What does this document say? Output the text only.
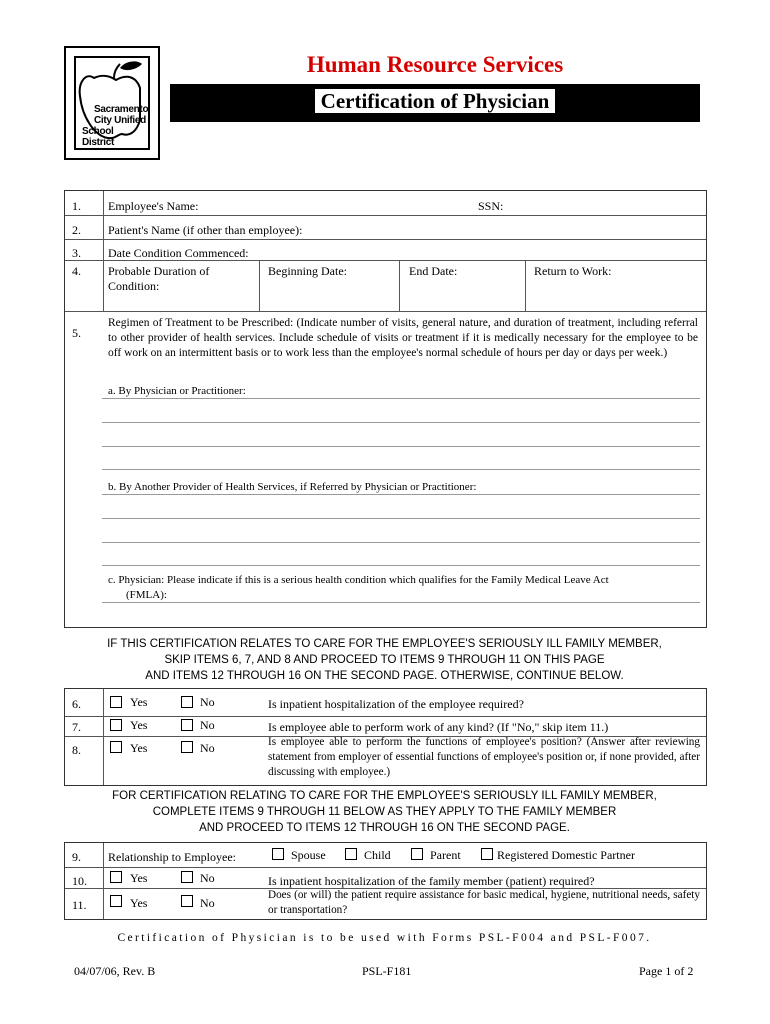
Sacramento
City Unified
School District
Human Resource Services
Certification of Physician
1. Employee's Name:	SSN:
2. Patient's Name (if other than employee):
3. Date Condition Commenced:
4. Probable Duration of
Condition:
Beginning Date:	End Date:	Return to Work:
5.
Regimen of Treatment to be Prescribed: (Indicate number of visits, general nature, and duration of treatment, including referral to other provider of health services. Include schedule of visits or treatment if it is medically necessary for the employee to be off work on an intermittent basis or to work less than the employee's normal schedule of hours per day or days per week.)
a. By Physician or Practitioner:
b. By Another Provider of Health Services, if Referred by Physician or Practitioner:
c. Physician: Please indicate if this is a serious health condition which qualifies for the Family Medical Leave Act
(FMLA):
IF THIS CERTIFICATION RELATES TO CARE FOR THE EMPLOYEE'S SERIOUSLY ILL FAMILY MEMBER,
SKIP ITEMS 6, 7, AND 8 AND PROCEED TO ITEMS 9 THROUGH 11 ON THIS PAGE
AND ITEMS 12 THROUGH 16 ON THE SECOND PAGE. OTHERWISE, CONTINUE BELOW.
6.	Yes	No	Is inpatient hospitalization of the employee required?
7.	Yes	No	Is employee able to perform work of any kind? (If "No," skip item 11.)
8.	Yes	No	Is employee able to perform the functions of employee's position? (Answer after reviewing statement from employer of essential functions of employee's position or, if none provided, after discussing with employee.)
FOR CERTIFICATION RELATING TO CARE FOR THE EMPLOYEE'S SERIOUSLY ILL FAMILY MEMBER,
COMPLETE ITEMS 9 THROUGH 11 BELOW AS THEY APPLY TO THE FAMILY MEMBER
AND PROCEED TO ITEMS 12 THROUGH 16 ON THE SECOND PAGE.
9. Relationship to Employee:	Spouse	Child	Parent	Registered Domestic Partner
10.	Yes	No	Is inpatient hospitalization of the family member (patient) required?
11.	Yes	No
Does (or will) the patient require assistance for basic medical, hygiene, nutritional needs, safety or transportation?
Certification of Physician is to be used with Forms PSL-F004 and PSL-F007.
04/07/06, Rev. B	PSL-F181	Page 1 of 2
